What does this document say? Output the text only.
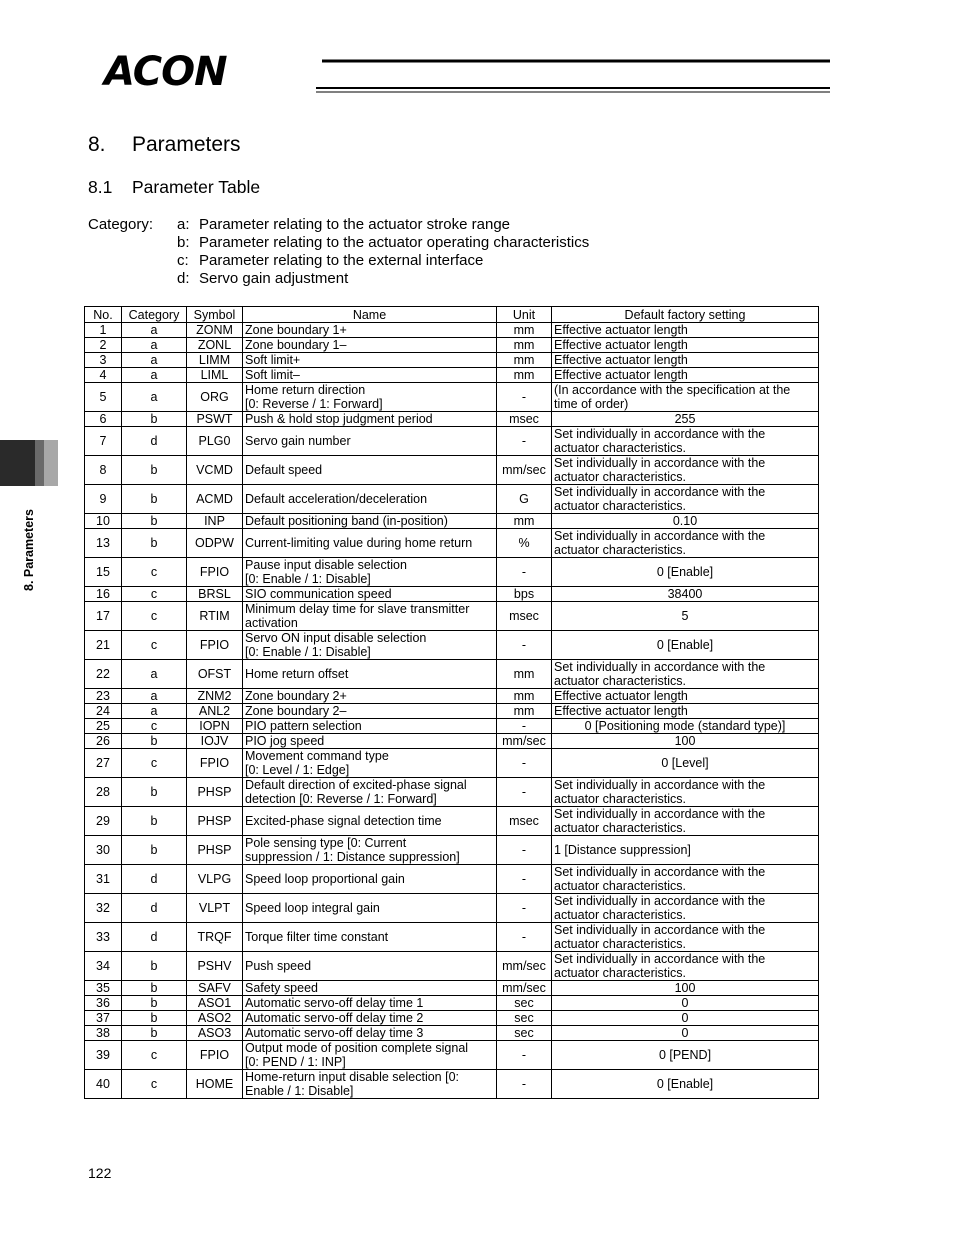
ACON
8. Parameters
8.1 Parameter Table
Category: a: Parameter relating to the actuator stroke range
b: Parameter relating to the actuator operating characteristics
c: Parameter relating to the external interface
d: Servo gain adjustment
8. Parameters
No.	Category	Symbol	Name	Unit	Default factory setting
1	a	ZONM	Zone boundary 1+	mm	Effective actuator length
2	a	ZONL	Zone boundary 1–	mm	Effective actuator length
3	a	LIMM	Soft limit+	mm	Effective actuator length
4	a	LIML	Soft limit–	mm	Effective actuator length
5	a	ORG	Home return direction
[0: Reverse / 1: Forward]	-	(In accordance with the specification at the
time of order)
6	b	PSWT	Push & hold stop judgment period	msec	255
7	d	PLG0	Servo gain number	-	Set individually in accordance with the
actuator characteristics.
8	b	VCMD	Default speed	mm/sec	Set individually in accordance with the
actuator characteristics.
9	b	ACMD	Default acceleration/deceleration	G	Set individually in accordance with the
actuator characteristics.
10	b	INP	Default positioning band (in-position)	mm	0.10
13	b	ODPW	Current-limiting value during home return	%	Set individually in accordance with the
actuator characteristics.
15	c	FPIO	Pause input disable selection
[0: Enable / 1: Disable]	-	0 [Enable]
16	c	BRSL	SIO communication speed	bps	38400
17	c	RTIM	Minimum delay time for slave transmitter
activation	msec	5
21	c	FPIO	Servo ON input disable selection
[0: Enable / 1: Disable]	-	0 [Enable]
22	a	OFST	Home return offset	mm	Set individually in accordance with the
actuator characteristics.
23	a	ZNM2	Zone boundary 2+	mm	Effective actuator length
24	a	ANL2	Zone boundary 2–	mm	Effective actuator length
25	c	IOPN	PIO pattern selection	-	0 [Positioning mode (standard type)]
26	b	IOJV	PIO jog speed	mm/sec	100
27	c	FPIO	Movement command type
[0: Level / 1: Edge]	-	0 [Level]
28	b	PHSP	Default direction of excited-phase signal
detection [0: Reverse / 1: Forward]	-	Set individually in accordance with the
actuator characteristics.
29	b	PHSP	Excited-phase signal detection time	msec	Set individually in accordance with the
actuator characteristics.
30	b	PHSP	Pole sensing type [0: Current
suppression / 1: Distance suppression]	-	1 [Distance suppression]
31	d	VLPG	Speed loop proportional gain	-	Set individually in accordance with the
actuator characteristics.
32	d	VLPT	Speed loop integral gain	-	Set individually in accordance with the
actuator characteristics.
33	d	TRQF	Torque filter time constant	-	Set individually in accordance with the
actuator characteristics.
34	b	PSHV	Push speed	mm/sec	Set individually in accordance with the
actuator characteristics.
35	b	SAFV	Safety speed	mm/sec	100
36	b	ASO1	Automatic servo-off delay time 1	sec	0
37	b	ASO2	Automatic servo-off delay time 2	sec	0
38	b	ASO3	Automatic servo-off delay time 3	sec	0
39	c	FPIO	Output mode of position complete signal
[0: PEND / 1: INP]	-	0 [PEND]
40	c	HOME	Home-return input disable selection [0:
Enable / 1: Disable]	-	0 [Enable]
122
